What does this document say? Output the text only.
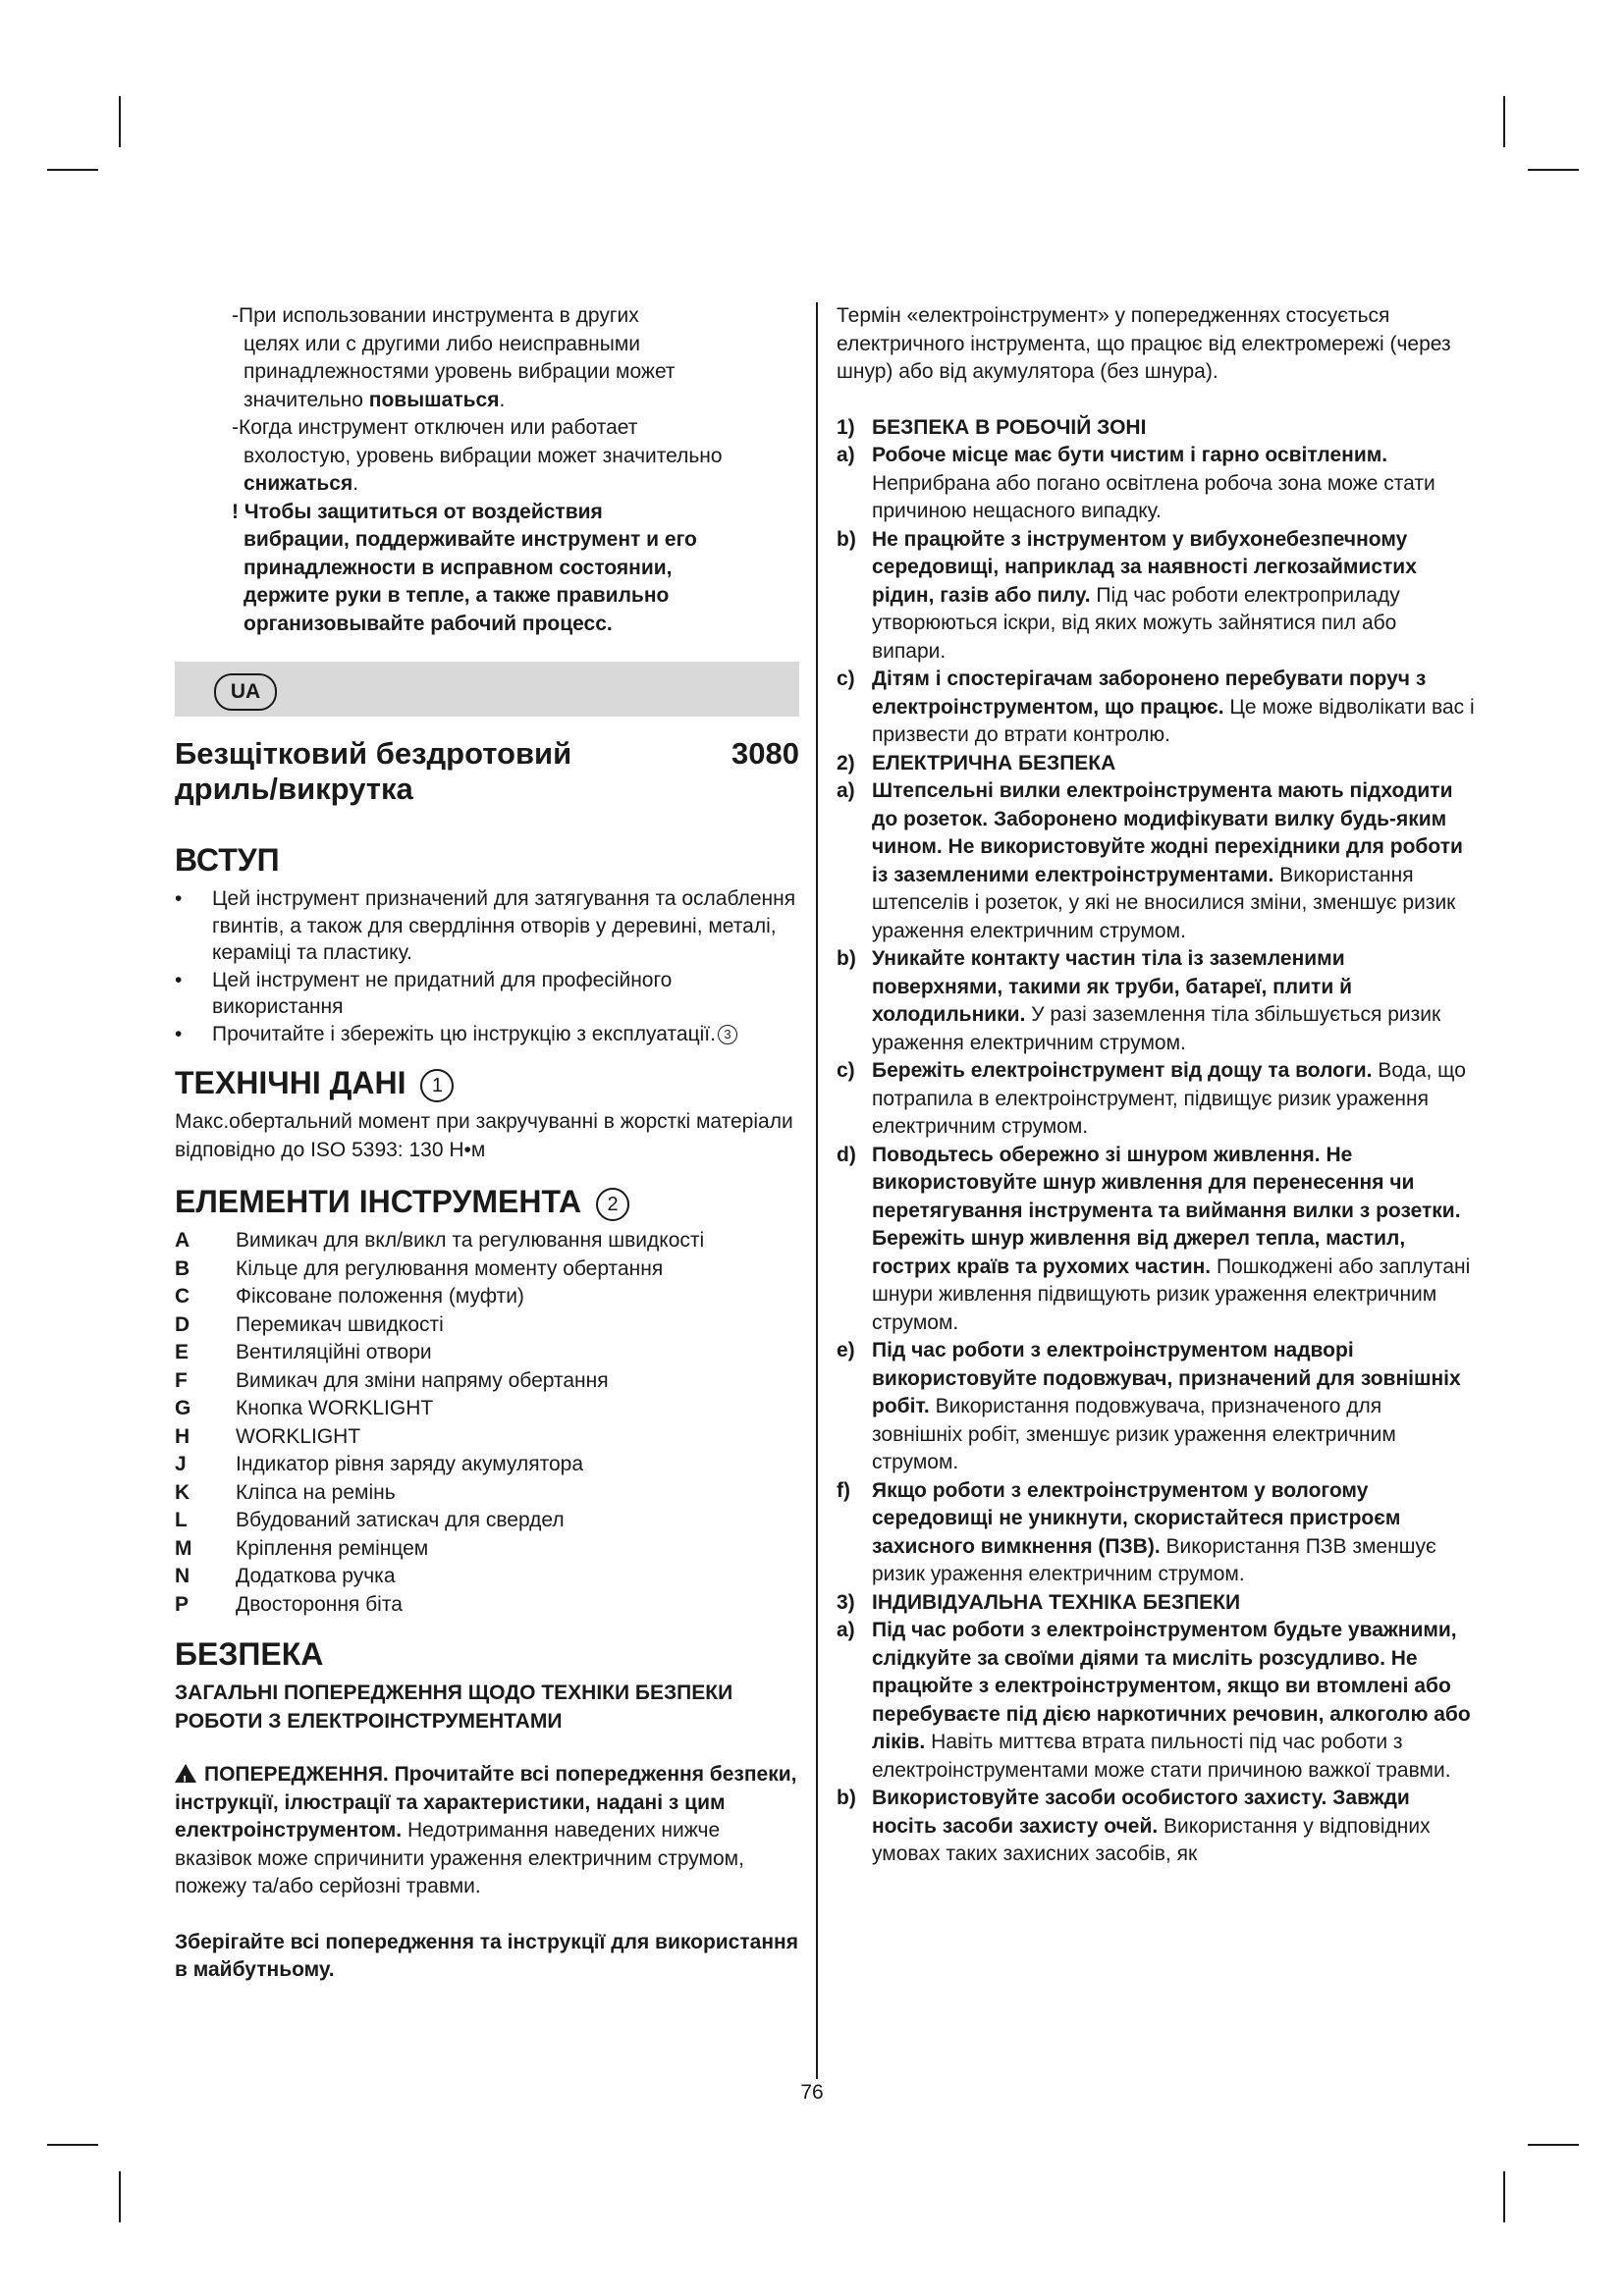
-При использовании инструмента в других

целях или с другими либо неисправными

принадлежностями уровень вибрации может

значительно повышаться.

-Когда инструмент отключен или работает

вхолостую, уровень вибрации может значительно

снижаться.

! Чтобы защититься от воздействия

вибрации, поддерживайте инструмент и его

принадлежности в исправном состоянии,

держите руки в тепле, а также правильно

организовывайте рабочий процесс.

UA
Безщітковий бездротовий
дриль/викрутка
3080
ВСТУП
• Цей інструмент призначений для затягування та ослаблення гвинтів, а також для свердління отворів у деревині, металі, кераміці та пластику.
• Цей інструмент не придатний для професійного використання
• Прочитайте і збережіть цю інструкцію з експлуатації. 3
ТЕХНІЧНІ ДАНІ 1

Макс.обертальний момент при закручуванні в жорсткі матеріали відповідно до ISO 5393: 130 Н•м

ЕЛЕМЕНТИ ІНСТРУМЕНТА 2
A	Вимикач для вкл/викл та регулювання швидкості
B	Кільце для регулювання моменту обертання
C	Фіксоване положення (муфти)
D	Перемикач швидкості
E	Вентиляційні отвори
F	Вимикач для зміни напряму обертання
G	Кнопка WORKLIGHT
H	WORKLIGHT
J	Індикатор рівня заряду акумулятора
K	Кліпса на ремінь
L	Вбудований затискач для свердел
M	Кріплення ремінцем
N	Додаткова ручка
P	Двостороння біта
БЕЗПЕКА
ЗАГАЛЬНІ ПОПЕРЕДЖЕННЯ ЩОДО ТЕХНІКИ БЕЗПЕКИ РОБОТИ З ЕЛЕКТРОІНСТРУМЕНТАМИ

!ПОПЕРЕДЖЕННЯ. Прочитайте всі попередження безпеки, інструкції, ілюстрації та характеристики, надані з цим електроінструментом. Недотримання наведених нижче вказівок може спричинити ураження електричним струмом, пожежу та/або серйозні травми.

Зберігайте всі попередження та інструкції для використання в майбутньому.

Термін «електроінструмент» у попередженнях стосується електричного інструмента, що працює від електромережі (через шнур) або від акумулятора (без шнура).

1) БЕЗПЕКА В РОБОЧІЙ ЗОНІ
a) Робоче місце має бути чистим і гарно освітленим. Неприбрана або погано освітлена робоча зона може стати причиною нещасного випадку.
b) Не працюйте з інструментом у вибухонебезпечному середовищі, наприклад за наявності легкозаймистих рідин, газів або пилу. Під час роботи електроприладу утворюються іскри, від яких можуть зайнятися пил або випари.
c) Дітям і спостерігачам заборонено перебувати поруч з електроінструментом, що працює. Це може відволікати вас і призвести до втрати контролю.
2) ЕЛЕКТРИЧНА БЕЗПЕКА
a) Штепсельні вилки електроінструмента мають підходити до розеток. Заборонено модифікувати вилку будь-яким чином. Не використовуйте жодні перехідники для роботи із заземленими електроінструментами. Використання штепселів і розеток, у які не вносилися зміни, зменшує ризик ураження електричним струмом.
b) Уникайте контакту частин тіла із заземленими поверхнями, такими як труби, батареї, плити й холодильники. У разі заземлення тіла збільшується ризик ураження електричним струмом.
c) Бережіть електроінструмент від дощу та вологи. Вода, що потрапила в електроінструмент, підвищує ризик ураження електричним струмом.
d) Поводьтесь обережно зі шнуром живлення. Не використовуйте шнур живлення для перенесення чи перетягування інструмента та виймання вилки з розетки. Бережіть шнур живлення від джерел тепла, мастил, гострих країв та рухомих частин. Пошкоджені або заплутані шнури живлення підвищують ризик ураження електричним струмом.
e) Під час роботи з електроінструментом надворі використовуйте подовжувач, призначений для зовнішніх робіт. Використання подовжувача, призначеного для зовнішніх робіт, зменшує ризик ураження електричним струмом.
f)	Якщо роботи з електроінструментом у вологому середовищі не уникнути, скористайтеся пристроєм захисного вимкнення (ПЗВ). Використання ПЗВ зменшує ризик ураження електричним струмом.
3) ІНДИВІДУАЛЬНА ТЕХНІКА БЕЗПЕКИ
a) Під час роботи з електроінструментом будьте уважними, слідкуйте за своїми діями та мисліть розсудливо. Не працюйте з електроінструментом, якщо ви втомлені або перебуваєте під дією наркотичних речовин, алкоголю або ліків. Навіть миттєва втрата пильності під час роботи з електроінструментами може стати причиною важкої травми.
b) Використовуйте засоби особистого захисту. Завжди носіть засоби захисту очей. Використання у відповідних умовах таких захисних засобів, як
76
